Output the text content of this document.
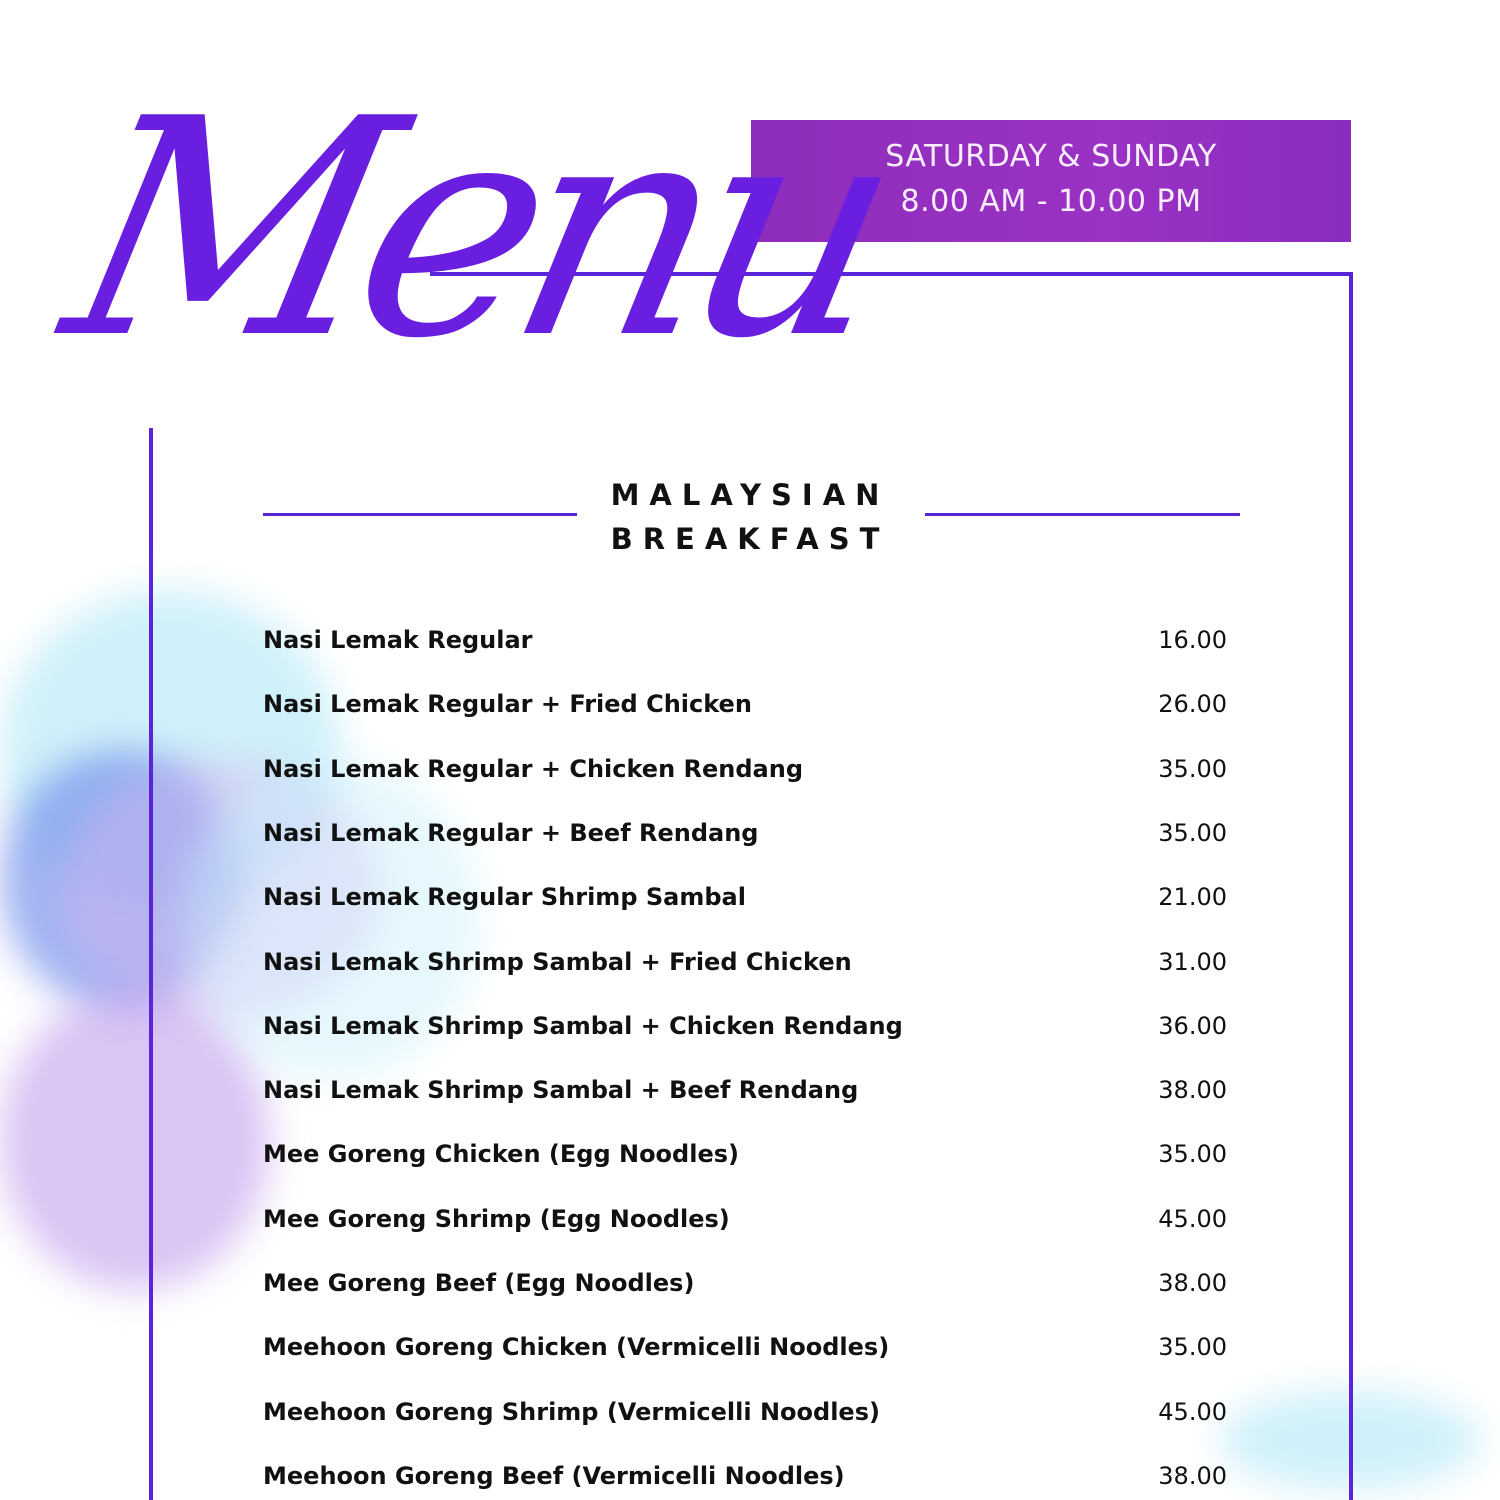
SATURDAY & SUNDAY
8.00 AM - 10.00 PM
Menu
MALAYSIAN
BREAKFAST
Nasi Lemak Regular	16.00
Nasi Lemak Regular + Fried Chicken	26.00
Nasi Lemak Regular + Chicken Rendang	35.00
Nasi Lemak Regular + Beef Rendang	35.00
Nasi Lemak Regular Shrimp Sambal	21.00
Nasi Lemak Shrimp Sambal + Fried Chicken	31.00
Nasi Lemak Shrimp Sambal + Chicken Rendang	36.00
Nasi Lemak Shrimp Sambal + Beef Rendang	38.00
Mee Goreng Chicken (Egg Noodles)	35.00
Mee Goreng Shrimp (Egg Noodles)	45.00
Mee Goreng Beef (Egg Noodles)	38.00
Meehoon Goreng Chicken (Vermicelli Noodles)	35.00
Meehoon Goreng Shrimp (Vermicelli Noodles)	45.00
Meehoon Goreng Beef (Vermicelli Noodles)	38.00
